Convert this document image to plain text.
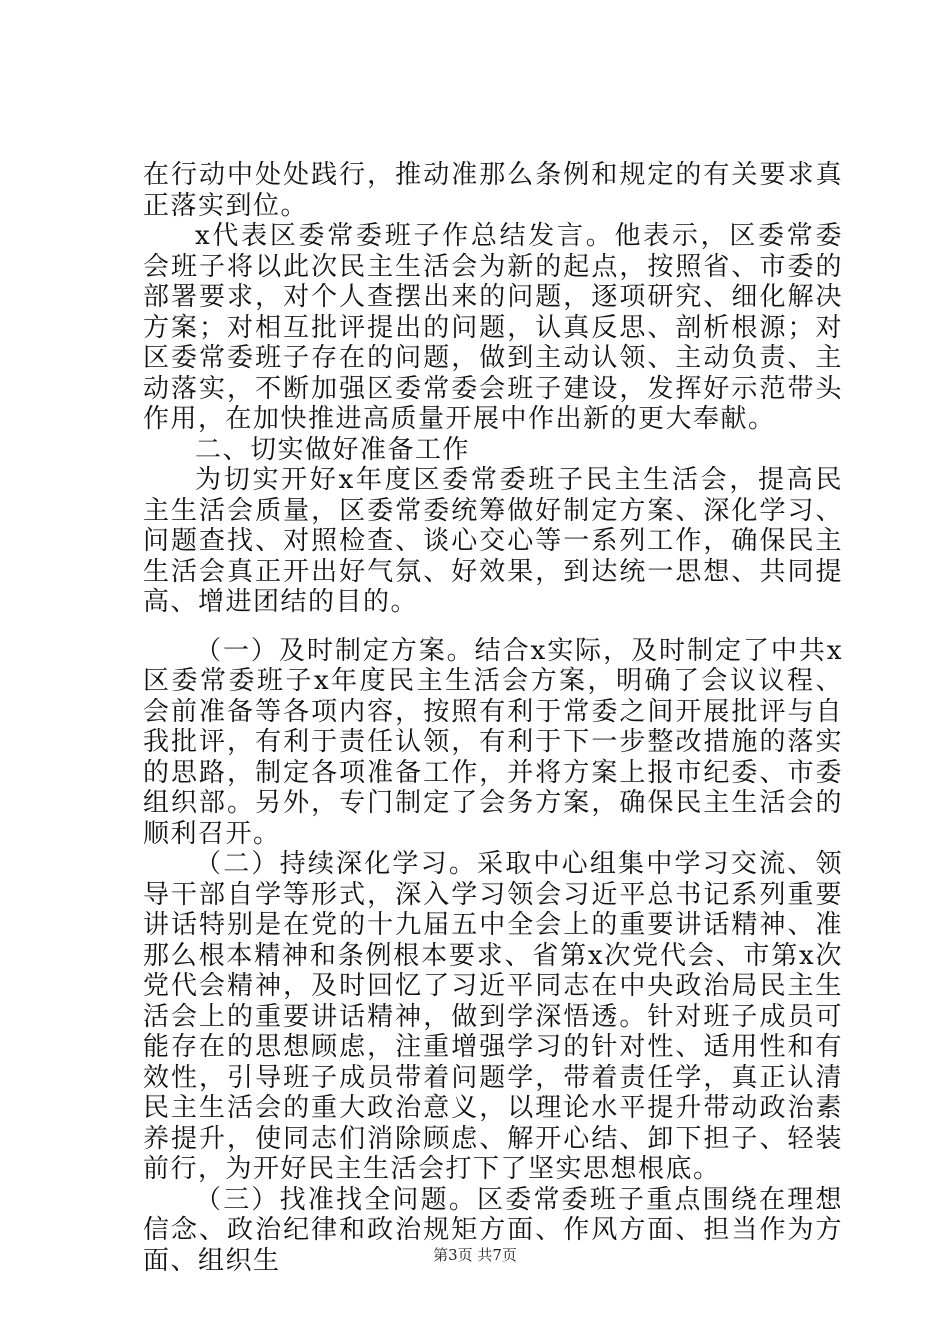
在行动中处处践行，推动准那么条例和规定的有关要求真正落实到位。

x代表区委常委班子作总结发言。他表示，区委常委会班子将以此次民主生活会为新的起点，按照省、市委的部署要求，对个人查摆出来的问题，逐项研究、细化解决方案；对相互批评提出的问题，认真反思、剖析根源；对区委常委班子存在的问题，做到主动认领、主动负责、主动落实，不断加强区委常委会班子建设，发挥好示范带头作用，在加快推进高质量开展中作出新的更大奉献。

二、切实做好准备工作

为切实开好x年度区委常委班子民主生活会，提高民主生活会质量，区委常委统筹做好制定方案、深化学习、问题查找、对照检查、谈心交心等一系列工作，确保民主生活会真正开出好气氛、好效果，到达统一思想、共同提高、增进团结的目的。

（一）及时制定方案。结合x实际，及时制定了中共x区委常委班子x年度民主生活会方案，明确了会议议程、会前准备等各项内容，按照有利于常委之间开展批评与自我批评，有利于责任认领，有利于下一步整改措施的落实的思路，制定各项准备工作，并将方案上报市纪委、市委组织部。另外，专门制定了会务方案，确保民主生活会的顺利召开。

（二）持续深化学习。采取中心组集中学习交流、领导干部自学等形式，深入学习领会习近平总书记系列重要讲话特别是在党的十九届五中全会上的重要讲话精神、准那么根本精神和条例根本要求、省第x次党代会、市第x次党代会精神，及时回忆了习近平同志在中央政治局民主生活会上的重要讲话精神，做到学深悟透。针对班子成员可能存在的思想顾虑，注重增强学习的针对性、适用性和有效性，引导班子成员带着问题学，带着责任学，真正认清民主生活会的重大政治意义，以理论水平提升带动政治素养提升，使同志们消除顾虑、解开心结、卸下担子、轻装前行，为开好民主生活会打下了坚实思想根底。

（三）找准找全问题。区委常委班子重点围绕在理想信念、政治纪律和政治规矩方面、作风方面、担当作为方面、组织生	第3页 共7页
